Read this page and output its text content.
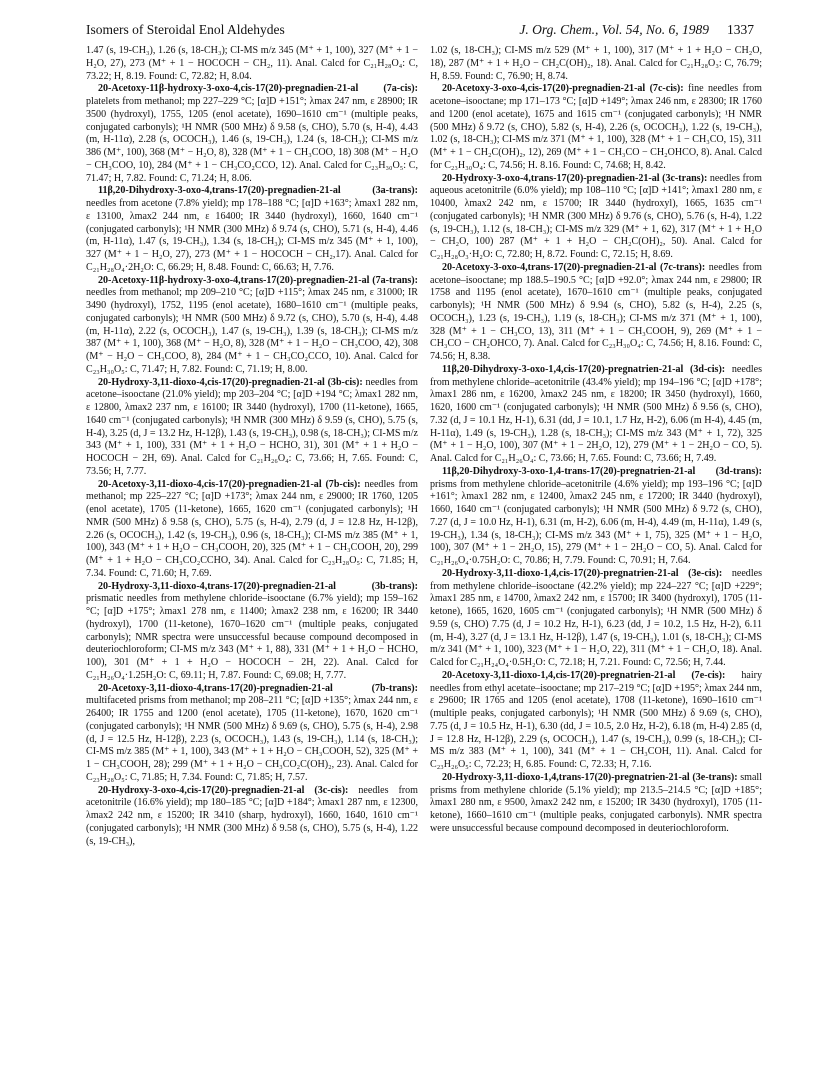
Isomers of Steroidal Enol Aldehydes	J. Org. Chem., Vol. 54, No. 6, 1989 1337

1.47 (s, 19-CH₃), 1.26 (s, 18-CH₃); CI-MS m/z 345 (M⁺ + 1, 100), 327 (M⁺ + 1 − H₂O, 27), 273 (M⁺ + 1 − HOCOCH − CH₂, 11). Anal. Calcd for C₂₁H₂₈O₄: C, 73.22; H, 8.19. Found: C, 72.82; H, 8.04.

20-Acetoxy-11β-hydroxy-3-oxo-4,cis-17(20)-pregnadien-21-al (7a-cis): platelets from methanol; mp 227–229 °C; [α]D +151°; λmax 247 nm, ε 28900; IR 3500 (hydroxyl), 1755, 1205 (enol acetate), 1690–1610 cm⁻¹ (multiple peaks, conjugated carbonyls); ¹H NMR (500 MHz) δ 9.58 (s, CHO), 5.70 (s, H-4), 4.43 (m, H-11α), 2.28 (s, OCOCH₃), 1.46 (s, 19-CH₃), 1.24 (s, 18-CH₃); CI-MS m/z 386 (M⁺, 100), 368 (M⁺ − H₂O, 8), 328 (M⁺ + 1 − CH₃COO, 18) 308 (M⁺ − H₂O − CH₃COO, 10), 284 (M⁺ + 1 − CH₃CO₂CCO, 12). Anal. Calcd for C₂₃H₃₀O₅: C, 71.47; H, 7.82. Found: C, 71.24; H, 8.06.

11β,20-Dihydroxy-3-oxo-4,trans-17(20)-pregnadien-21-al (3a-trans): needles from acetone (7.8% yield); mp 178–188 °C; [α]D +163°; λmax1 282 nm, ε 13100, λmax2 244 nm, ε 16400; IR 3440 (hydroxyl), 1660, 1640 cm⁻¹ (conjugated carbonyls); ¹H NMR (300 MHz) δ 9.74 (s, CHO), 5.71 (s, H-4), 4.46 (m, H-11α), 1.47 (s, 19-CH₃), 1.34 (s, 18-CH₃); CI-MS m/z 345 (M⁺ + 1, 100), 327 (M⁺ + 1 − H₂O, 27), 273 (M⁺ + 1 − HOCOCH − CH₂,17). Anal. Calcd for C₂₁H₂₈O₄·2H₂O: C, 66.29; H, 8.48. Found: C, 66.63; H, 7.76.

20-Acetoxy-11β-hydroxy-3-oxo-4,trans-17(20)-pregnadien-21-al (7a-trans): needles from methanol; mp 209–210 °C; [α]D +115°; λmax 245 nm, ε 31000; IR 3490 (hydroxyl), 1752, 1195 (enol acetate), 1680–1610 cm⁻¹ (multiple peaks, conjugated carbonyls); ¹H NMR (500 MHz) δ 9.72 (s, CHO), 5.70 (s, H-4), 4.48 (m, H-11α), 2.22 (s, OCOCH₃), 1.47 (s, 19-CH₃), 1.39 (s, 18-CH₃); CI-MS m/z 387 (M⁺ + 1, 100), 368 (M⁺ − H₂O, 8), 328 (M⁺ + 1 − H₂O − CH₃COO, 42), 308 (M⁺ − H₂O − CH₃COO, 8), 284 (M⁺ + 1 − CH₃CO₂CCO, 10). Anal. Calcd for C₂₃H₃₀O₅: C, 71.47; H, 7.82. Found: C, 71.19; H, 8.00.

20-Hydroxy-3,11-dioxo-4,cis-17(20)-pregnadien-21-al (3b-cis): needles from acetone–isooctane (21.0% yield); mp 203–204 °C; [α]D +194 °C; λmax1 282 nm, ε 12800, λmax2 237 nm, ε 16100; IR 3440 (hydroxyl), 1700 (11-ketone), 1665, 1640 cm⁻¹ (conjugated carbonyls); ¹H NMR (300 MHz) δ 9.59 (s, CHO), 5.75 (s, H-4), 3.25 (d, J = 13.2 Hz, H-12β), 1.43 (s, 19-CH₃), 0.98 (s, 18-CH₃); CI-MS m/z 343 (M⁺ + 1, 100), 331 (M⁺ + 1 + H₂O − HCHO, 31), 301 (M⁺ + 1 + H₂O − HOCOCH − 2H, 69). Anal. Calcd for C₂₁H₂₆O₄: C, 73.66; H, 7.65. Found: C, 73.56; H, 7.77.

20-Acetoxy-3,11-dioxo-4,cis-17(20)-pregnadien-21-al (7b-cis): needles from methanol; mp 225–227 °C; [α]D +173°; λmax 244 nm, ε 29000; IR 1760, 1205 (enol acetate), 1705 (11-ketone), 1665, 1620 cm⁻¹ (conjugated carbonyls); ¹H NMR (500 MHz) δ 9.58 (s, CHO), 5.75 (s, H-4), 2.79 (d, J = 12.8 Hz, H-12β), 2.26 (s, OCOCH₃), 1.42 (s, 19-CH₃), 0.96 (s, 18-CH₃); CI-MS m/z 385 (M⁺ + 1, 100), 343 (M⁺ + 1 + H₂O − CH₃COOH, 20), 325 (M⁺ + 1 − CH₃COOH, 20), 299 (M⁺ + 1 + H₂O − CH₃CO₂CCHO, 34). Anal. Calcd for C₂₃H₂₈O₅: C, 71.85; H, 7.34. Found: C, 71.60; H, 7.69.

20-Hydroxy-3,11-dioxo-4,trans-17(20)-pregnadien-21-al (3b-trans): prismatic needles from methylene chloride–isooctane (6.7% yield); mp 159–162 °C; [α]D +175°; λmax1 278 nm, ε 11400; λmax2 238 nm, ε 16200; IR 3440 (hydroxyl), 1700 (11-ketone), 1670–1620 cm⁻¹ (multiple peaks, conjugated carbonyls); NMR spectra were unsuccessful because compound decomposed in deuteriochloroform; CI-MS m/z 343 (M⁺ + 1, 88), 331 (M⁺ + 1 + H₂O − HCHO, 100), 301 (M⁺ + 1 + H₂O − HOCOCH − 2H, 22). Anal. Calcd for C₂₁H₂₆O₄·1.25H₂O: C, 69.11; H, 7.87. Found: C, 69.08; H, 7.77.

20-Acetoxy-3,11-dioxo-4,trans-17(20)-pregnadien-21-al (7b-trans): multifaceted prisms from methanol; mp 208–211 °C; [α]D +135°; λmax 244 nm, ε 26400; IR 1755 and 1200 (enol acetate), 1705 (11-ketone), 1670, 1620 cm⁻¹ (conjugated carbonyls); ¹H NMR (500 MHz) δ 9.69 (s, CHO), 5.75 (s, H-4), 2.98 (d, J = 12.5 Hz, H-12β), 2.23 (s, OCOCH₃), 1.43 (s, 19-CH₃), 1.14 (s, 18-CH₃); CI-MS m/z 385 (M⁺ + 1, 100), 343 (M⁺ + 1 + H₂O − CH₃COOH, 52), 325 (M⁺ + 1 − CH₃COOH, 28); 299 (M⁺ + 1 + H₂O − CH₃CO₂C(OH)₂, 23). Anal. Calcd for C₂₃H₂₈O₅: C, 71.85; H, 7.34. Found: C, 71.85; H, 7.57.

20-Hydroxy-3-oxo-4,cis-17(20)-pregnadien-21-al (3c-cis): needles from acetonitrile (16.6% yield); mp 180–185 °C; [α]D +184°; λmax1 287 nm, ε 12300, λmax2 242 nm, ε 15200; IR 3410 (sharp, hydroxyl), 1660, 1640, 1610 cm⁻¹ (conjugated carbonyls); ¹H NMR (300 MHz) δ 9.58 (s, CHO), 5.75 (s, H-4), 1.22 (s, 19-CH₃),

1.02 (s, 18-CH₃); CI-MS m/z 529 (M⁺ + 1, 100), 317 (M⁺ + 1 + H₂O − CH₂O, 18), 287 (M⁺ + 1 + H₂O − CH₂C(OH)₂, 18). Anal. Calcd for C₂₁H₂₈O₃: C, 76.79; H, 8.59. Found: C, 76.90; H, 8.74.

20-Acetoxy-3-oxo-4,cis-17(20)-pregnadien-21-al (7c-cis): fine needles from acetone–isooctane; mp 171–173 °C; [α]D +149°; λmax 246 nm, ε 28300; IR 1760 and 1200 (enol acetate), 1675 and 1615 cm⁻¹ (conjugated carbonyls); ¹H NMR (500 MHz) δ 9.72 (s, CHO), 5.82 (s, H-4), 2.26 (s, OCOCH₃), 1.22 (s, 19-CH₃), 1.02 (s, 18-CH₃); CI-MS m/z 371 (M⁺ + 1, 100), 328 (M⁺ + 1 − CH₃CO, 15), 311 (M⁺ + 1 − CH₂C(OH)₂, 12), 269 (M⁺ + 1 − CH₃CO − CH₂OHCO, 8). Anal. Calcd for C₂₃H₃₀O₄: C, 74.56; H. 8.16. Found: C, 74.68; H, 8.42.

20-Hydroxy-3-oxo-4,trans-17(20)-pregnadien-21-al (3c-trans): needles from aqueous acetonitrile (6.0% yield); mp 108–110 °C; [α]D +141°; λmax1 280 nm, ε 10400, λmax2 242 nm, ε 15700; IR 3440 (hydroxyl), 1665, 1635 cm⁻¹ (conjugated carbonyls); ¹H NMR (300 MHz) δ 9.76 (s, CHO), 5.76 (s, H-4), 1.22 (s, 19-CH₃), 1.12 (s, 18-CH₃); CI-MS m/z 329 (M⁺ + 1, 62), 317 (M⁺ + 1 + H₂O − CH₂O, 100) 287 (M⁺ + 1 + H₂O − CH₂C(OH)₂, 50). Anal. Calcd for C₂₁H₂₈O₃·H₂O: C, 72.80; H, 8.72. Found: C, 72.15; H, 8.69.

20-Acetoxy-3-oxo-4,trans-17(20)-pregnadien-21-al (7c-trans): needles from acetone–isooctane; mp 188.5–190.5 °C; [α]D +92.0°; λmax 244 nm, ε 29800; IR 1758 and 1195 (enol acetate), 1670–1610 cm⁻¹ (multiple peaks, conjugated carbonyls); ¹H NMR (500 MHz) δ 9.94 (s, CHO), 5.82 (s, H-4), 2.25 (s, OCOCH₃), 1.23 (s, 19-CH₃), 1.19 (s, 18-CH₃); CI-MS m/z 371 (M⁺ + 1, 100), 328 (M⁺ + 1 − CH₃CO, 13), 311 (M⁺ + 1 − CH₃COOH, 9), 269 (M⁺ + 1 − CH₃CO − CH₂OHCO, 7). Anal. Calcd for C₂₃H₃₀O₄: C, 74.56; H, 8.16. Found: C, 74.56; H, 8.38.

11β,20-Dihydroxy-3-oxo-1,4,cis-17(20)-pregnatrien-21-al (3d-cis): needles from methylene chloride–acetonitrile (43.4% yield); mp 194–196 °C; [α]D +178°; λmax1 286 nm, ε 16200, λmax2 245 nm, ε 18200; IR 3450 (hydroxyl), 1660, 1620, 1600 cm⁻¹ (conjugated carbonyls); ¹H NMR (500 MHz) δ 9.56 (s, CHO), 7.32 (d, J = 10.1 Hz, H-1), 6.31 (dd, J = 10.1, 1.7 Hz, H-2), 6.06 (m H-4), 4.45 (m, H-11α), 1.49 (s, 19-CH₃), 1.28 (s, 18-CH₃); CI-MS m/z 343 (M⁺ + 1, 72), 325 (M⁺ + 1 − H₂O, 100), 307 (M⁺ + 1 − 2H₂O, 12), 279 (M⁺ + 1 − 2H₂O − CO, 5). Anal. Calcd for C₂₁H₂₆O₄: C, 73.66; H, 7.65. Found: C, 73.66; H, 7.49.

11β,20-Dihydroxy-3-oxo-1,4-trans-17(20)-pregnatrien-21-al (3d-trans): prisms from methylene chloride–acetonitrile (4.6% yield); mp 193–196 °C; [α]D +161°; λmax1 282 nm, ε 12400, λmax2 245 nm, ε 17200; IR 3440 (hydroxyl), 1660, 1640 cm⁻¹ (conjugated carbonyls); ¹H NMR (500 MHz) δ 9.72 (s, CHO), 7.27 (d, J = 10.0 Hz, H-1), 6.31 (m, H-2), 6.06 (m, H-4), 4.49 (m, H-11α), 1.49 (s, 19-CH₃), 1.34 (s, 18-CH₃); CI-MS m/z 343 (M⁺ + 1, 75), 325 (M⁺ + 1 − H₂O, 100), 307 (M⁺ + 1 − 2H₂O, 15), 279 (M⁺ + 1 − 2H₂O − CO, 5). Anal. Calcd for C₂₁H₂₆O₄·0.75H₂O: C, 70.86; H, 7.79. Found: C, 70.91; H, 7.64.

20-Hydroxy-3,11-dioxo-1,4,cis-17(20)-pregnatrien-21-al (3e-cis): needles from methylene chloride–isooctane (42.2% yield); mp 224–227 °C; [α]D +229°; λmax1 285 nm, ε 14700, λmax2 242 nm, ε 15700; IR 3400 (hydroxyl), 1705 (11-ketone), 1665, 1620, 1605 cm⁻¹ (conjugated carbonyls); ¹H NMR (500 MHz) δ 9.59 (s, CHO) 7.75 (d, J = 10.2 Hz, H-1), 6.23 (dd, J = 10.2, 1.5 Hz, H-2), 6.11 (m, H-4), 3.27 (d, J = 13.1 Hz, H-12β), 1.47 (s, 19-CH₃), 1.01 (s, 18-CH₃); CI-MS m/z 341 (M⁺ + 1, 100), 323 (M⁺ + 1 − H₂O, 22), 311 (M⁺ + 1 − CH₂O, 18). Anal. Calcd for C₂₁H₂₄O₄·0.5H₂O: C, 72.18; H, 7.21. Found: C, 72.56; H, 7.44.

20-Acetoxy-3,11-dioxo-1,4,cis-17(20)-pregnatrien-21-al (7e-cis): hairy needles from ethyl acetate–isooctane; mp 217–219 °C; [α]D +195°; λmax 244 nm, ε 29600; IR 1765 and 1205 (enol acetate), 1708 (11-ketone), 1690–1610 cm⁻¹ (multiple peaks, conjugated carbonyls); ¹H NMR (500 MHz) δ 9.69 (s, CHO), 7.75 (d, J = 10.5 Hz, H-1), 6.30 (dd, J = 10.5, 2.0 Hz, H-2), 6.18 (m, H-4) 2.85 (d, J = 12.8 Hz, H-12β), 2.29 (s, OCOCH₃), 1.47 (s, 19-CH₃), 0.99 (s, 18-CH₃); CI-MS m/z 383 (M⁺ + 1, 100), 341 (M⁺ + 1 − CH₃COH, 11). Anal. Calcd for C₂₃H₂₆O₅: C, 72.23; H, 6.85. Found: C, 72.33; H, 7.16.

20-Hydroxy-3,11-dioxo-1,4,trans-17(20)-pregnatrien-21-al (3e-trans): small prisms from methylene chloride (5.1% yield); mp 213.5–214.5 °C; [α]D +185°; λmax1 280 nm, ε 9500, λmax2 242 nm, ε 15200; IR 3430 (hydroxyl), 1705 (11-ketone), 1660–1610 cm⁻¹ (multiple peaks, conjugated carbonyls). NMR spectra were unsuccessful because compound decomposed in deuteriochloroform.
